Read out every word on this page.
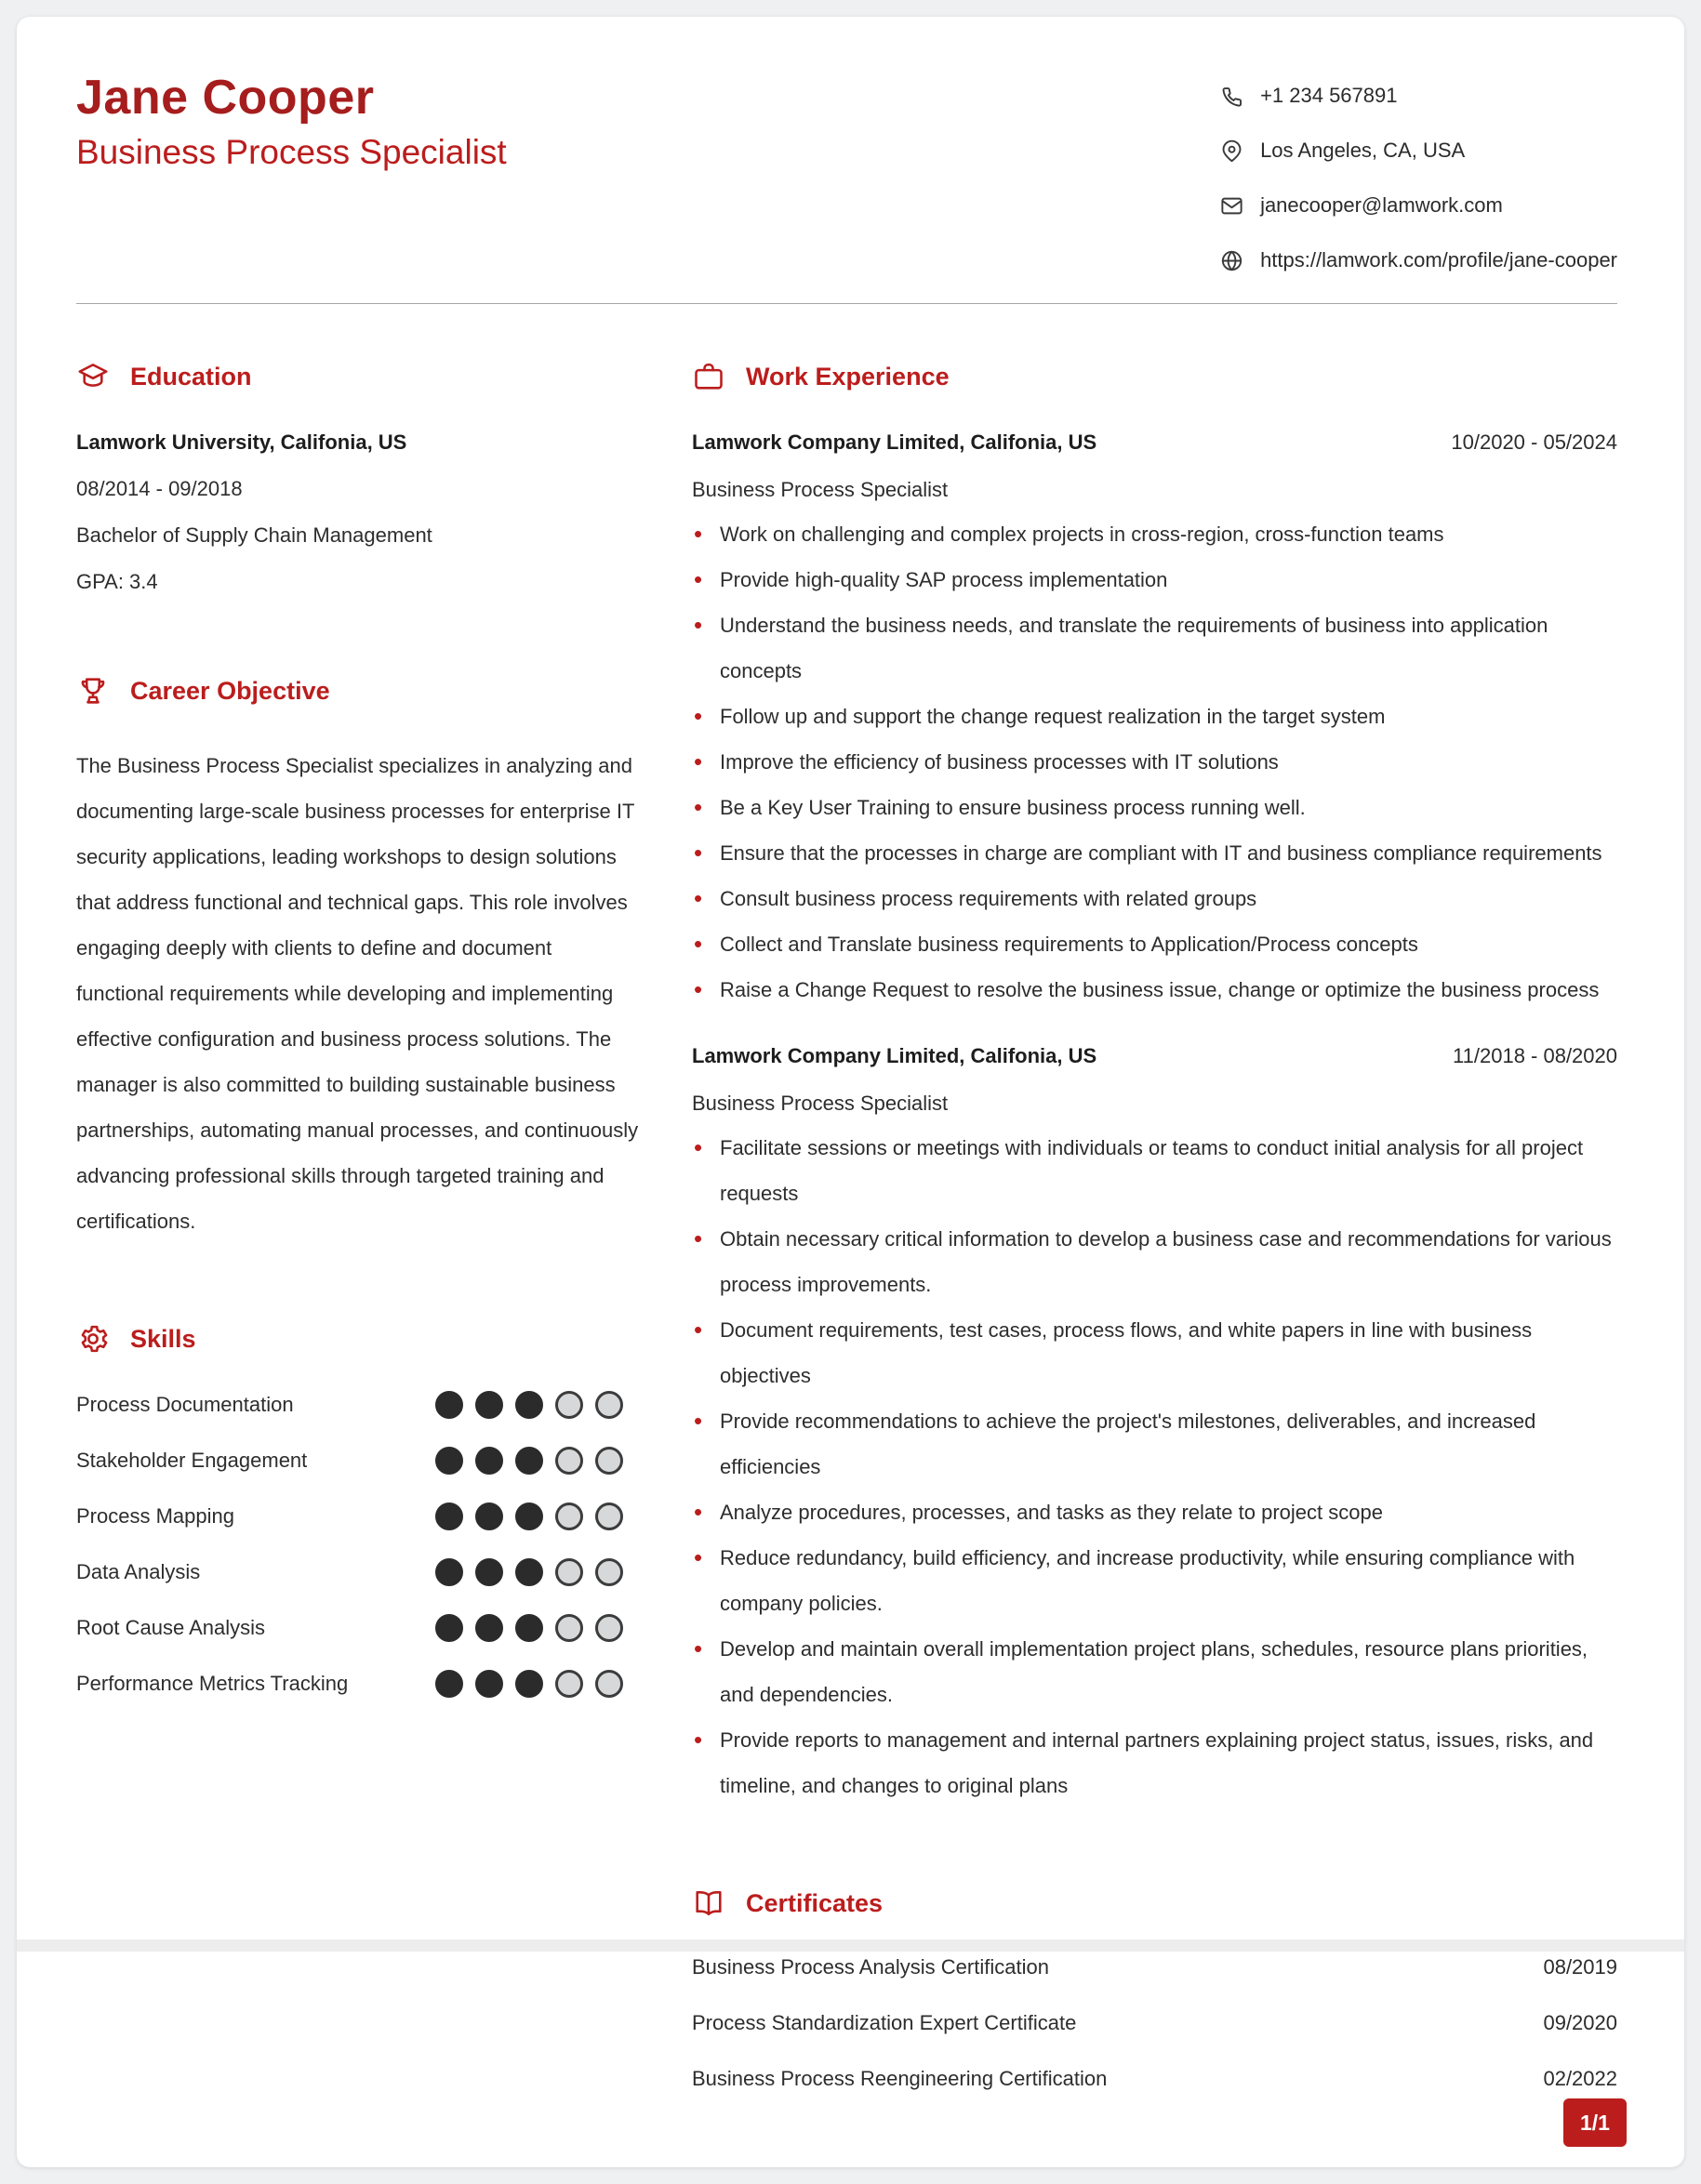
Jane Cooper
Business Process Specialist
+1 234 567891
Los Angeles, CA, USA
janecooper@lamwork.com
https://lamwork.com/profile/jane-cooper
Education
Lamwork University, Califonia, US
08/2014 - 09/2018
Bachelor of Supply Chain Management
GPA: 3.4
Career Objective

The Business Process Specialist specializes in analyzing and documenting large-scale business processes for enterprise IT security applications, leading workshops to design solutions that address functional and technical gaps. This role involves engaging deeply with clients to define and document functional requirements while developing and implementing effective configuration and business process solutions. The manager is also committed to building sustainable business partnerships, automating manual processes, and continuously advancing professional skills through targeted training and certifications.

Skills
Process Documentation
Stakeholder Engagement
Process Mapping
Data Analysis
Root Cause Analysis
Performance Metrics Tracking
Work Experience
Lamwork Company Limited, Califonia, US	10/2020 - 05/2024
Business Process Specialist
• Work on challenging and complex projects in cross-region, cross-function teams
• Provide high-quality SAP process implementation
• Understand the business needs, and translate the requirements of business into application concepts
• Follow up and support the change request realization in the target system
• Improve the efficiency of business processes with IT solutions
• Be a Key User Training to ensure business process running well.
• Ensure that the processes in charge are compliant with IT and business compliance requirements
• Consult business process requirements with related groups
• Collect and Translate business requirements to Application/Process concepts
• Raise a Change Request to resolve the business issue, change or optimize the business process
Lamwork Company Limited, Califonia, US	11/2018 - 08/2020
Business Process Specialist
• Facilitate sessions or meetings with individuals or teams to conduct initial analysis for all project requests
• Obtain necessary critical information to develop a business case and recommendations for various process improvements.
• Document requirements, test cases, process flows, and white papers in line with business objectives
• Provide recommendations to achieve the project's milestones, deliverables, and increased efficiencies
• Analyze procedures, processes, and tasks as they relate to project scope
• Reduce redundancy, build efficiency, and increase productivity, while ensuring compliance with company policies.
• Develop and maintain overall implementation project plans, schedules, resource plans priorities, and dependencies.
• Provide reports to management and internal partners explaining project status, issues, risks, and timeline, and changes to original plans
Certificates
Business Process Analysis Certification	08/2019
Process Standardization Expert Certificate	09/2020
Business Process Reengineering Certification	02/2022
1/1
